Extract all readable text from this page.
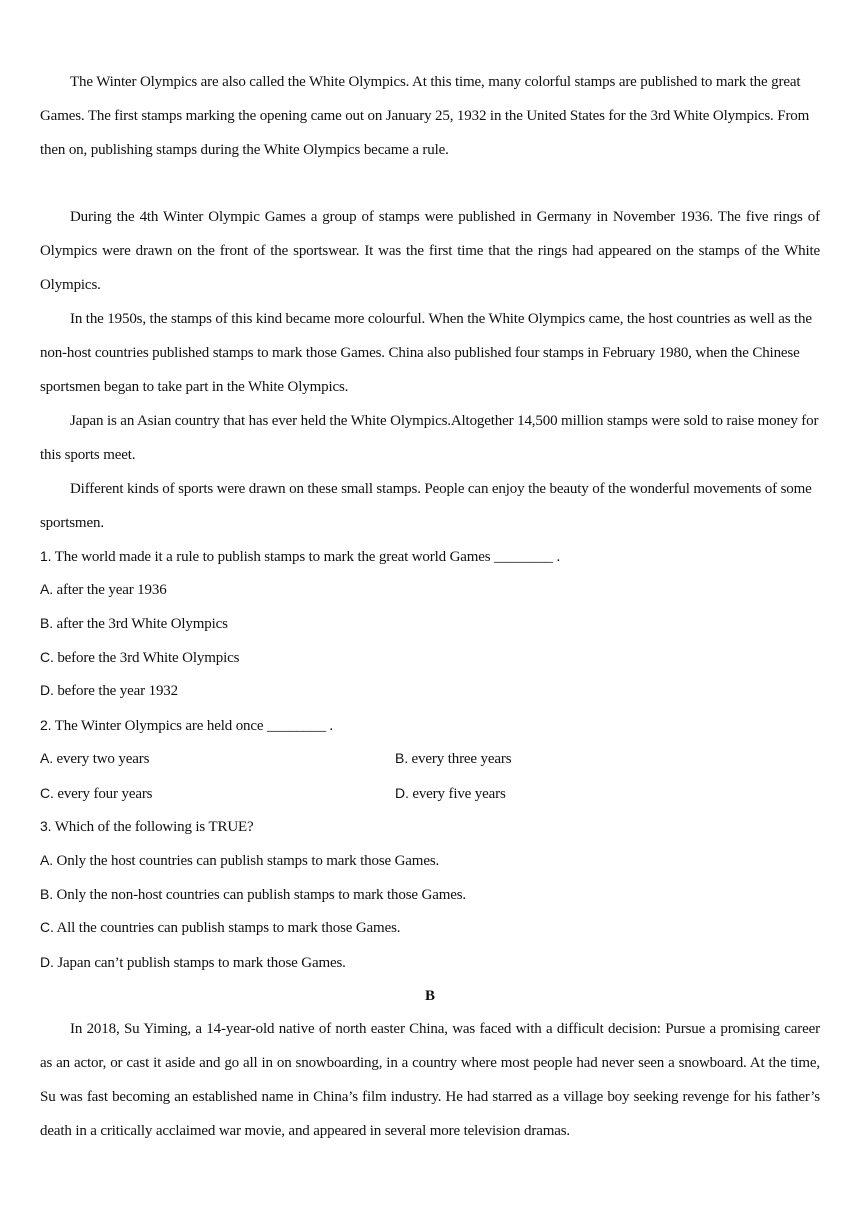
The Winter Olympics are also called the White Olympics. At this time, many colorful stamps are published to mark the great Games. The first stamps marking the opening came out on January 25, 1932 in the United States for the 3rd White Olympics. From then on, publishing stamps during the White Olympics became a rule.

During the 4th Winter Olympic Games a group of stamps were published in Germany in November 1936. The five rings of Olympics were drawn on the front of the sportswear. It was the first time that the rings had appeared on the stamps of the White Olympics.

In the 1950s, the stamps of this kind became more colourful. When the White Olympics came, the host countries as well as the non-host countries published stamps to mark those Games. China also published four stamps in February 1980, when the Chinese sportsmen began to take part in the White Olympics.

Japan is an Asian country that has ever held the White Olympics.Altogether 14,500 million stamps were sold to raise money for this sports meet.

Different kinds of sports were drawn on these small stamps. People can enjoy the beauty of the wonderful movements of some sportsmen.

1. The world made it a rule to publish stamps to mark the great world Games ________ .

A. after the year 1936

B. after the 3rd White Olympics

C. before the 3rd White Olympics

D. before the year 1932

2. The Winter Olympics are held once ________ .

A. every two years	B. every three years

C. every four years	D. every five years

3. Which of the following is TRUE?

A. Only the host countries can publish stamps to mark those Games.

B. Only the non-host countries can publish stamps to mark those Games.

C. All the countries can publish stamps to mark those Games.

D. Japan can’t publish stamps to mark those Games.

B

In 2018, Su Yiming, a 14-year-old native of north easter China, was faced with a difficult decision: Pursue a promising career as an actor, or cast it aside and go all in on snowboarding, in a country where most people had never seen a snowboard. At the time, Su was fast becoming an established name in China’s film industry. He had starred as a village boy seeking revenge for his father’s death in a critically acclaimed war movie, and appeared in several more television dramas.
